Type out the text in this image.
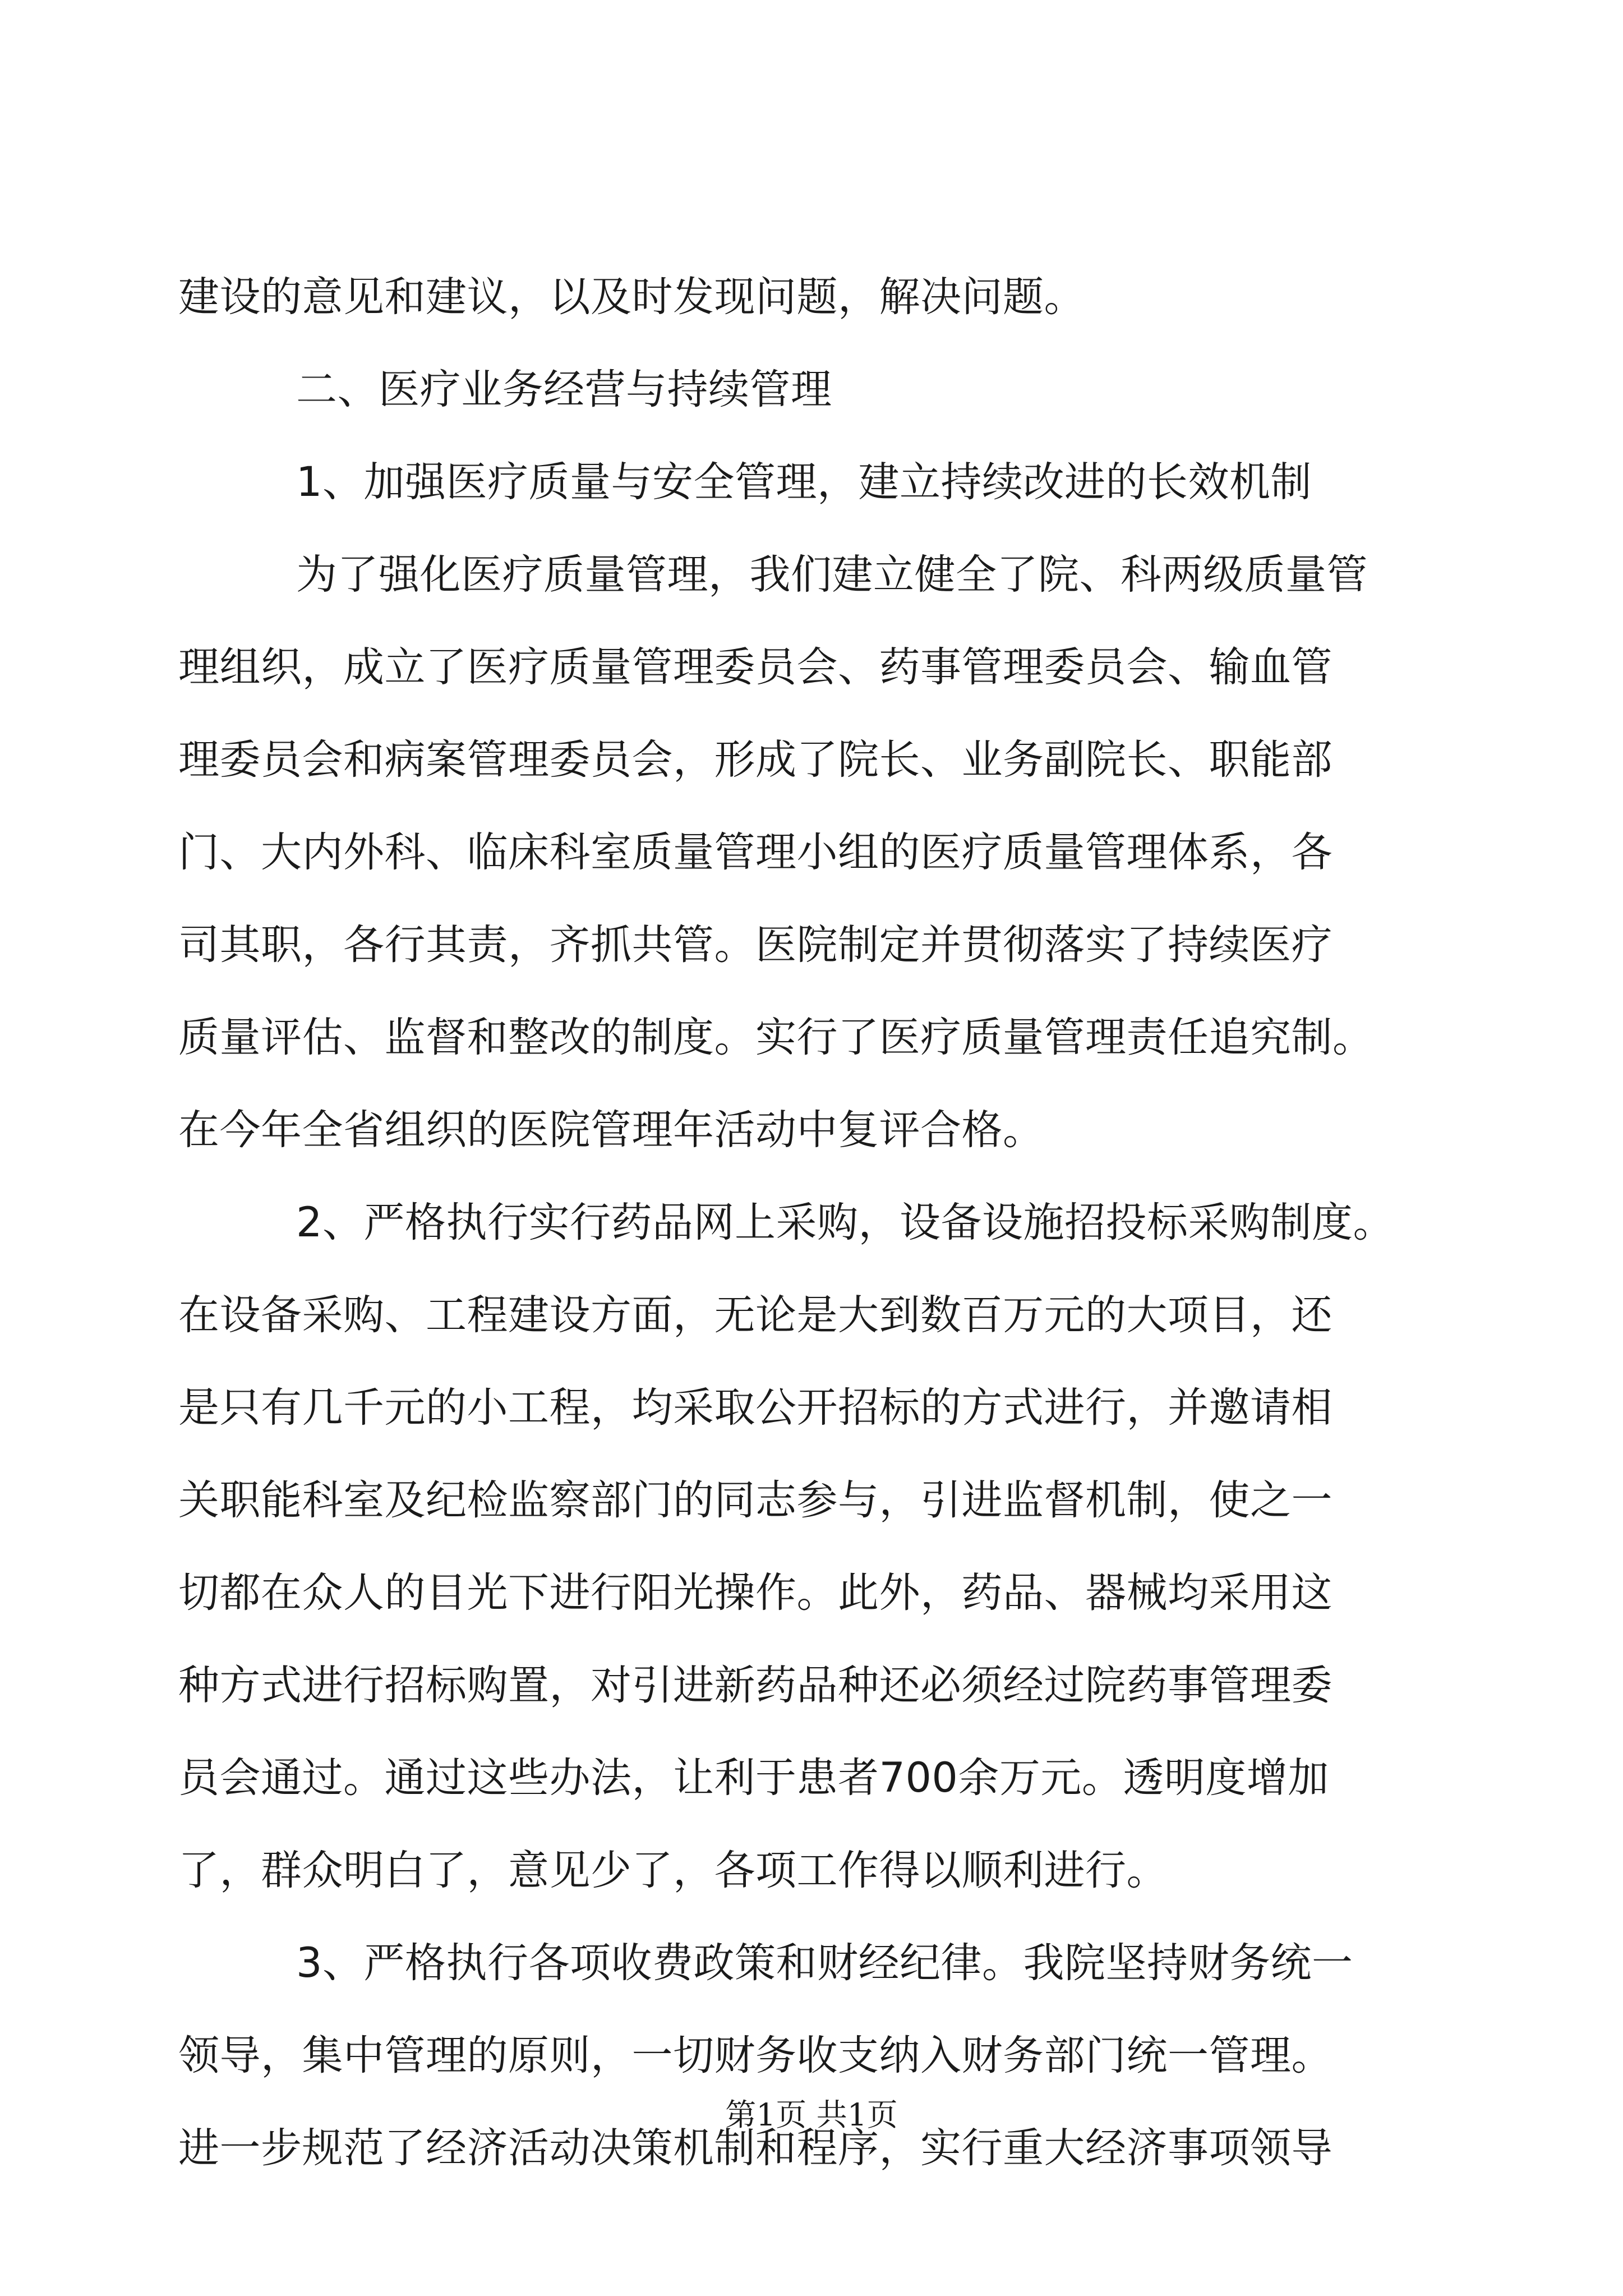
建设的意见和建议，以及时发现问题，解决问题。
二、医疗业务经营与持续管理
1、加强医疗质量与安全管理，建立持续改进的长效机制
为了强化医疗质量管理，我们建立健全了院、科两级质量管
理组织，成立了医疗质量管理委员会、药事管理委员会、输血管
理委员会和病案管理委员会，形成了院长、业务副院长、职能部
门、大内外科、临床科室质量管理小组的医疗质量管理体系，各
司其职，各行其责，齐抓共管。医院制定并贯彻落实了持续医疗
质量评估、监督和整改的制度。实行了医疗质量管理责任追究制。
在今年全省组织的医院管理年活动中复评合格。
2、严格执行实行药品网上采购，设备设施招投标采购制度。
在设备采购、工程建设方面，无论是大到数百万元的大项目，还
是只有几千元的小工程，均采取公开招标的方式进行，并邀请相
关职能科室及纪检监察部门的同志参与，引进监督机制，使之一
切都在众人的目光下进行阳光操作。此外，药品、器械均采用这
种方式进行招标购置，对引进新药品种还必须经过院药事管理委
员会通过。通过这些办法，让利于患者700余万元。透明度增加
了，群众明白了，意见少了，各项工作得以顺利进行。
3、严格执行各项收费政策和财经纪律。我院坚持财务统一
领导，集中管理的原则，一切财务收支纳入财务部门统一管理。
进一步规范了经济活动决策机制和程序，实行重大经济事项领导
第1页 共1页
